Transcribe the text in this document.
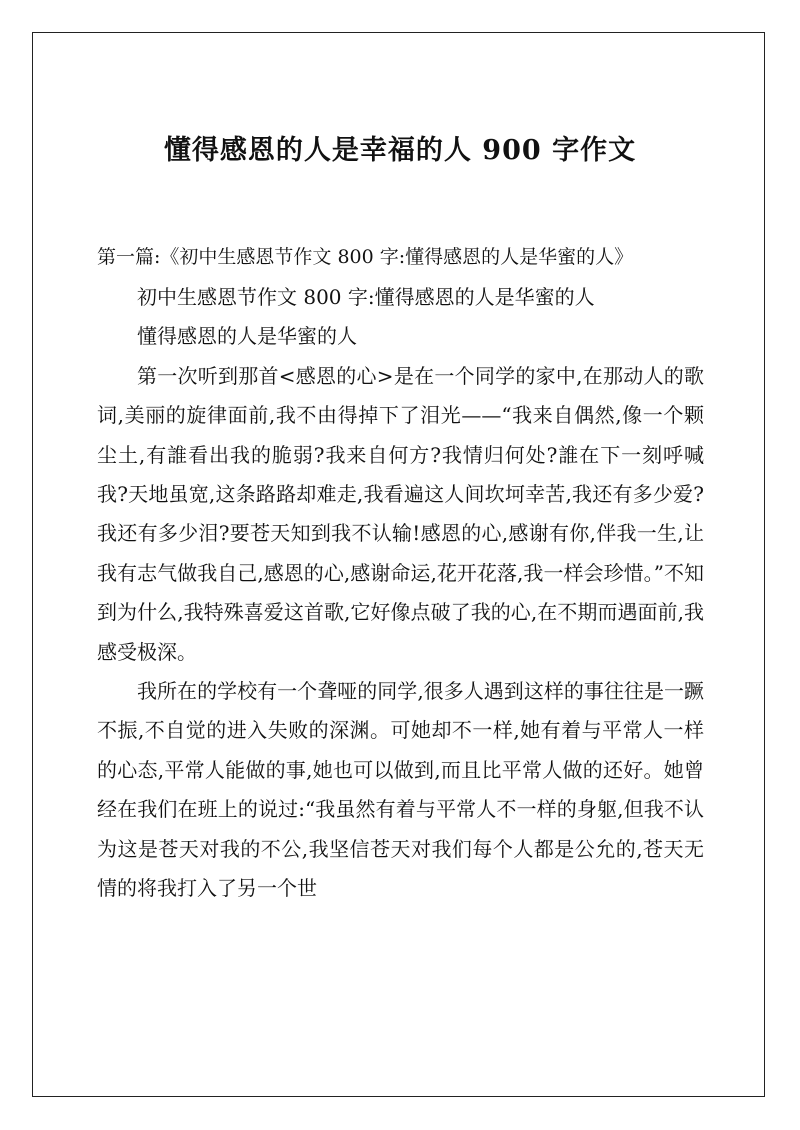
懂得感恩的人是幸福的人 900 字作文
第一篇:《初中生感恩节作文 800 字:懂得感恩的人是华蜜的人》

初中生感恩节作文 800 字:懂得感恩的人是华蜜的人

懂得感恩的人是华蜜的人

第一次听到那首<感恩的心>是在一个同学的家中,在那动人的歌词,美丽的旋律面前,我不由得掉下了泪光——“我来自偶然,像一个颗尘土,有誰看出我的脆弱?我来自何方?我情归何处?誰在下一刻呼喊我?天地虽宽,这条路路却难走,我看遍这人间坎坷幸苦,我还有多少爱?我还有多少泪?要苍天知到我不认输!感恩的心,感谢有你,伴我一生,让我有志气做我自己,感恩的心,感谢命运,花开花落,我一样会珍惜。”不知到为什么,我特殊喜爱这首歌,它好像点破了我的心,在不期而遇面前,我感受极深。

我所在的学校有一个聋哑的同学,很多人遇到这样的事往往是一蹶不振,不自觉的进入失败的深渊。可她却不一样,她有着与平常人一样的心态,平常人能做的事,她也可以做到,而且比平常人做的还好。她曾经在我们在班上的说过:“我虽然有着与平常人不一样的身躯,但我不认为这是苍天对我的不公,我坚信苍天对我们每个人都是公允的,苍天无情的将我打入了另一个世
